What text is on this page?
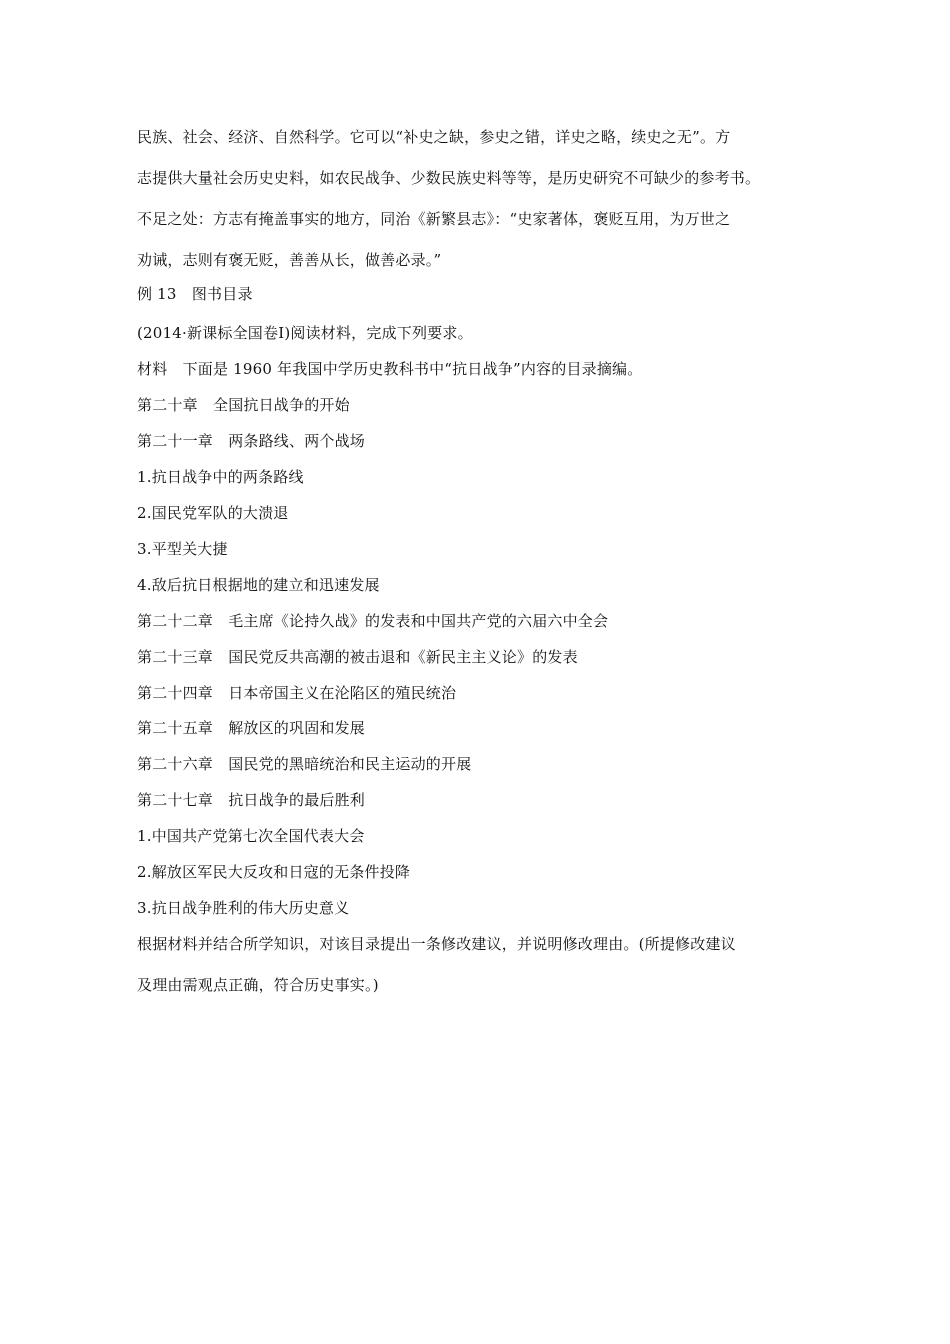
民族、社会、经济、自然科学。它可以“补史之缺，参史之错，详史之略，续史之无”。方
志提供大量社会历史史料，如农民战争、少数民族史料等等，是历史研究不可缺少的参考书。
不足之处：方志有掩盖事实的地方，同治《新繁县志》：“史家著体，褒贬互用，为万世之
劝诫，志则有褒无贬，善善从长，做善必录。”
例 13　图书目录
(2014·新课标全国卷Ⅰ)阅读材料，完成下列要求。
材料　下面是 1960 年我国中学历史教科书中“抗日战争”内容的目录摘编。
第二十章　全国抗日战争的开始
第二十一章　两条路线、两个战场
1.抗日战争中的两条路线
2.国民党军队的大溃退
3.平型关大捷
4.敌后抗日根据地的建立和迅速发展
第二十二章　毛主席《论持久战》的发表和中国共产党的六届六中全会
第二十三章　国民党反共高潮的被击退和《新民主主义论》的发表
第二十四章　日本帝国主义在沦陷区的殖民统治
第二十五章　解放区的巩固和发展
第二十六章　国民党的黑暗统治和民主运动的开展
第二十七章　抗日战争的最后胜利
1.中国共产党第七次全国代表大会
2.解放区军民大反攻和日寇的无条件投降
3.抗日战争胜利的伟大历史意义
根据材料并结合所学知识，对该目录提出一条修改建议，并说明修改理由。(所提修改建议
及理由需观点正确，符合历史事实。)
